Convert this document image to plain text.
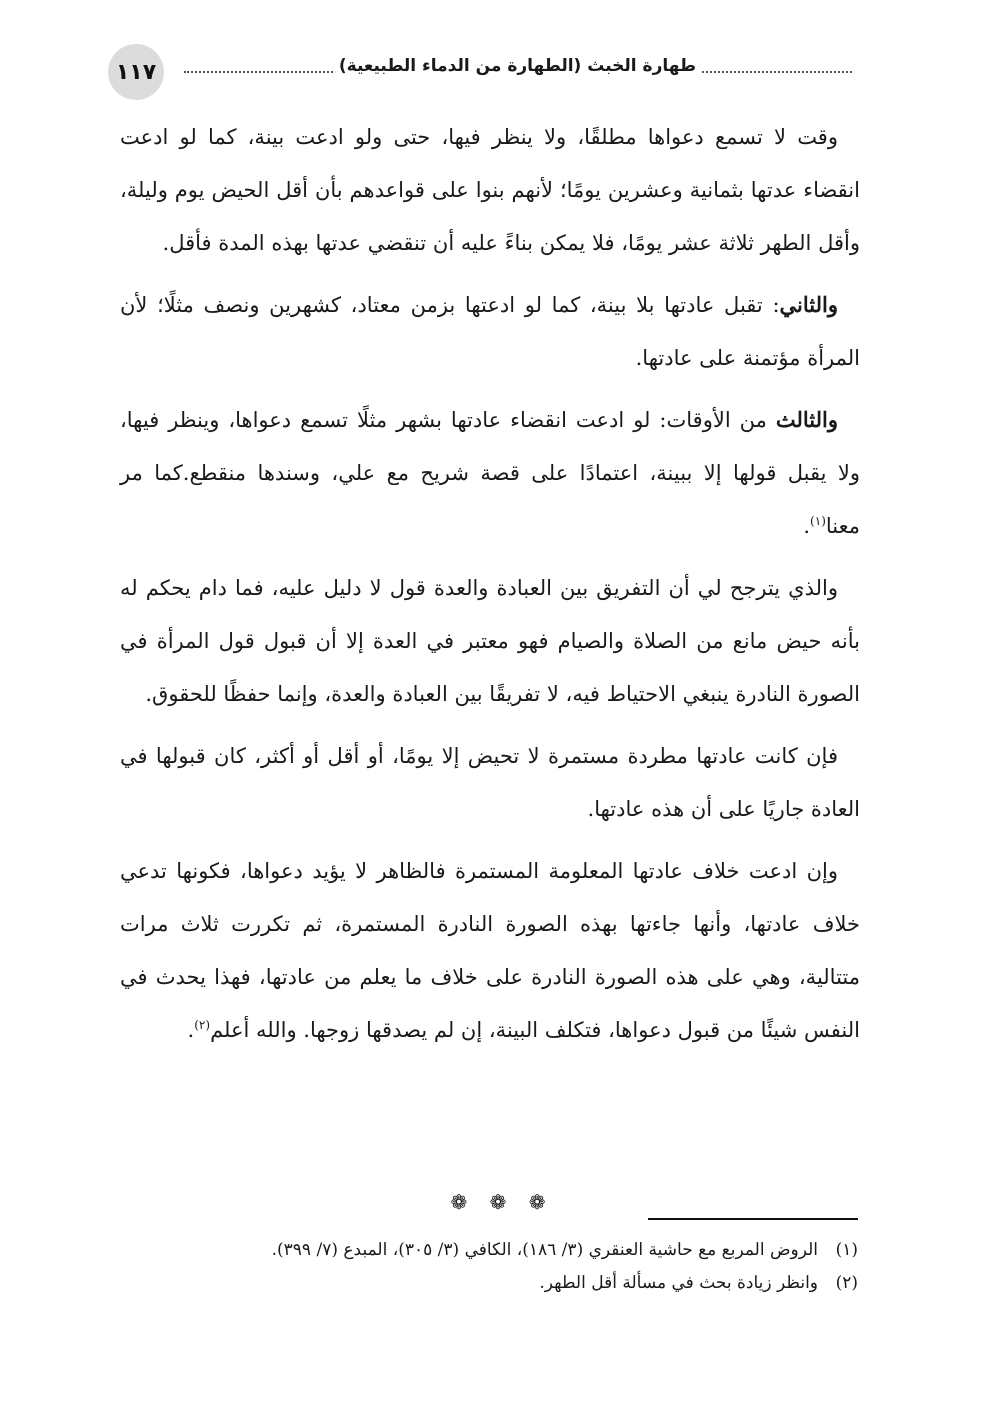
طهارة الخبث (الطهارة من الدماء الطبيعية)
١١٧

وقت لا تسمع دعواها مطلقًا، ولا ينظر فيها، حتى ولو ادعت بينة، كما لو ادعت انقضاء عدتها بثمانية وعشرين يومًا؛ لأنهم بنوا على قواعدهم بأن أقل الحيض يوم وليلة، وأقل الطهر ثلاثة عشر يومًا، فلا يمكن بناءً عليه أن تنقضي عدتها بهذه المدة فأقل.

والثاني: تقبل عادتها بلا بينة، كما لو ادعتها بزمن معتاد، كشهرين ونصف مثلًا؛ لأن المرأة مؤتمنة على عادتها.

والثالث من الأوقات: لو ادعت انقضاء عادتها بشهر مثلًا تسمع دعواها، وينظر فيها، ولا يقبل قولها إلا ببينة، اعتمادًا على قصة شريح مع علي، وسندها منقطع.كما مر معنا$^{(١)}$.

والذي يترجح لي أن التفريق بين العبادة والعدة قول لا دليل عليه، فما دام يحكم له بأنه حيض مانع من الصلاة والصيام فهو معتبر في العدة إلا أن قبول قول المرأة في الصورة النادرة ينبغي الاحتياط فيه، لا تفريقًا بين العبادة والعدة، وإنما حفظًا للحقوق.

فإن كانت عادتها مطردة مستمرة لا تحيض إلا يومًا، أو أقل أو أكثر، كان قبولها في العادة جاريًا على أن هذه عادتها.

وإن ادعت خلاف عادتها المعلومة المستمرة فالظاهر لا يؤيد دعواها، فكونها تدعي خلاف عادتها، وأنها جاءتها بهذه الصورة النادرة المستمرة، ثم تكررت ثلاث مرات متتالية، وهي على هذه الصورة النادرة على خلاف ما يعلم من عادتها، فهذا يحدث في النفس شيئًا من قبول دعواها، فتكلف البينة، إن لم يصدقها زوجها. والله أعلم$^{(٢)}$.

❁ ❁ ❁
(١)
الروض المربع مع حاشية العنقري (٣/ ١٨٦)، الكافي (٣/ ٣٠٥)، المبدع (٧/ ٣٩٩).
(٢)
وانظر زيادة بحث في مسألة أقل الطهر.
